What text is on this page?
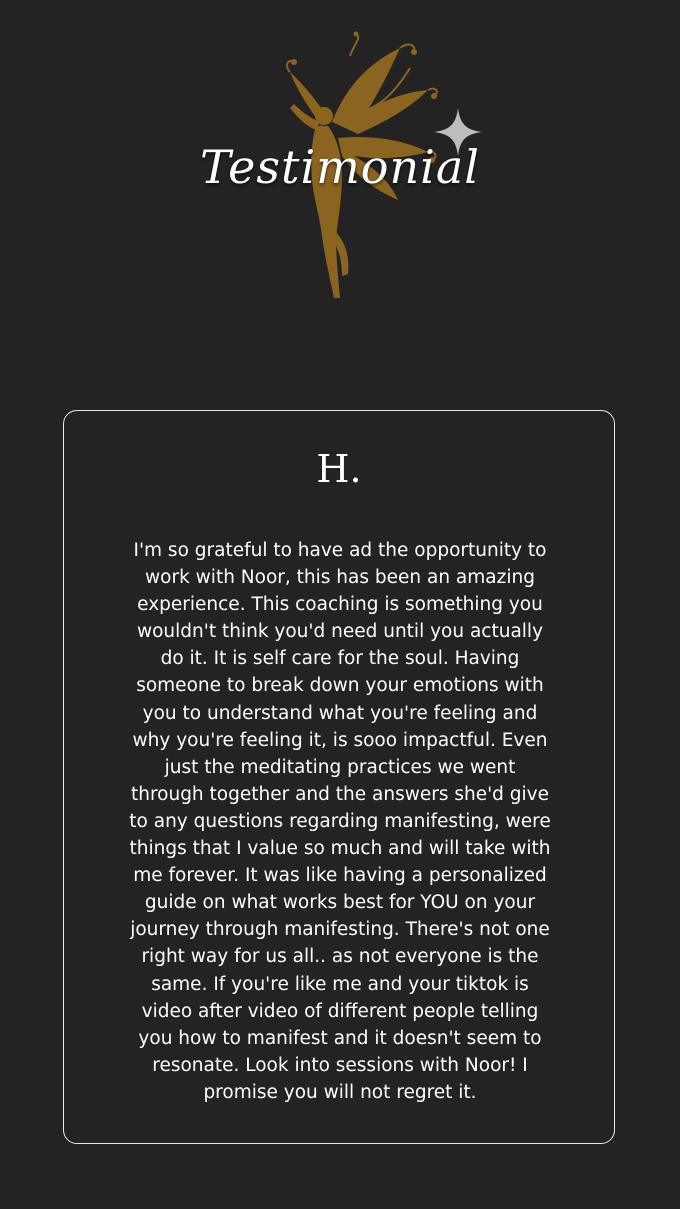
Testimonial
H.

I'm so grateful to have ad the opportunity to work with Noor, this has been an amazing experience. This coaching is something you wouldn't think you'd need until you actually do it. It is self care for the soul. Having someone to break down your emotions with you to understand what you're feeling and why you're feeling it, is sooo impactful. Even just the meditating practices we went through together and the answers she'd give to any questions regarding manifesting, were things that I value so much and will take with me forever. It was like having a personalized guide on what works best for YOU on your journey through manifesting. There's not one right way for us all.. as not everyone is the same. If you're like me and your tiktok is video after video of different people telling you how to manifest and it doesn't seem to resonate. Look into sessions with Noor! I promise you will not regret it.
